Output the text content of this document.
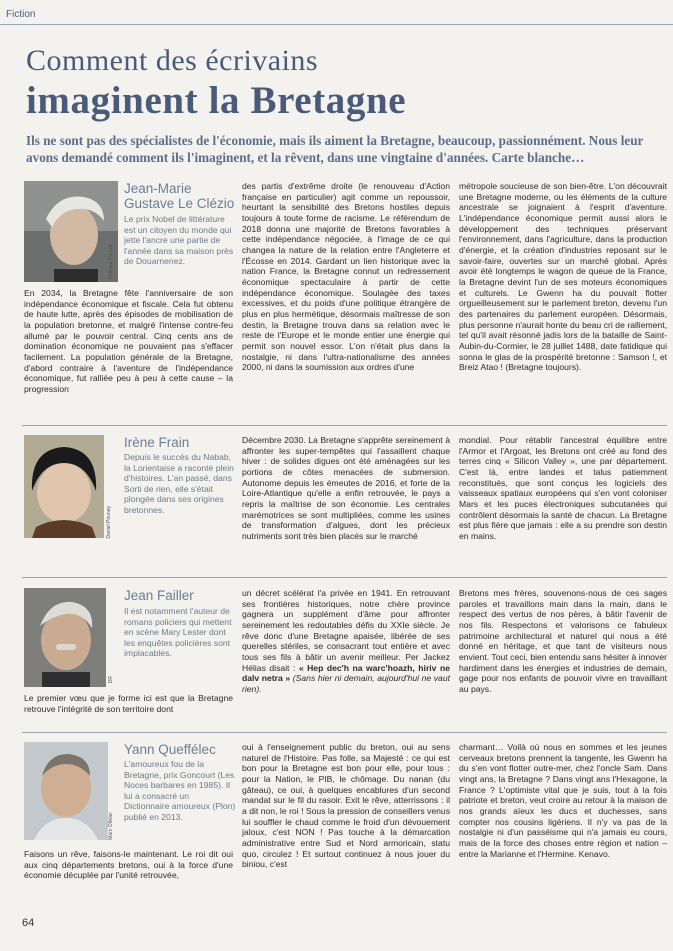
Fiction
Comment des écrivains
imaginent la Bretagne
Ils ne sont pas des spécialistes de l'économie, mais ils aiment la Bretagne, beaucoup, passionnément. Nous leur avons demandé comment ils l'imaginent, et la rêvent, dans une vingtaine d'années. Carte blanche…
Philippe Porrod
Jean-Marie Gustave Le Clézio
Le prix Nobel de littérature est un citoyen du monde qui jette l'ancre une partie de l'année dans sa maison près de Douarnenez.
En 2034, la Bretagne fête l'anniversaire de son indépendance économique et fiscale. Cela fut obtenu de haute lutte, après des épisodes de mobilisation de la population bretonne, et malgré l'intense contre-feu allumé par le pouvoir central. Cinq cents ans de domination économique ne pouvaient pas s'effacer facilement. La population générale de la Bretagne, d'abord contraire à l'aventure de l'indépendance économique, fut ralliée peu à peu à cette cause – la progression
des partis d'extrême droite (le renouveau d'Action française en particulier) agit comme un repoussoir, heurtant la sensibilité des Bretons hostiles depuis toujours à toute forme de racisme. Le référendum de 2018 donna une majorité de Bretons favorables à cette indépendance négociée, à l'image de ce qui changea la nature de la relation entre l'Angleterre et l'Écosse en 2014. Gardant un lien historique avec la nation France, la Bretagne connut un redressement économique spectaculaire à partir de cette indépendance économique. Soulagée des taxes excessives, et du poids d'une politique étrangère de plus en plus hermétique, désormais maîtresse de son destin, la Bretagne trouva dans sa relation avec le reste de l'Europe et le monde entier une énergie qui permit son nouvel essor. L'on n'était plus dans la nostalgie, ni dans l'ultra-nationalisme des années 2000, ni dans la soumission aux ordres d'une
métropole soucieuse de son bien-être. L'on découvrait une Bretagne moderne, ou les éléments de la culture ancestrale se joignaient à l'esprit d'aventure. L'indépendance économique permit aussi alors le développement des techniques préservant l'environnement, dans l'agriculture, dans la production d'énergie, et la création d'industries reposant sur le savoir-faire, ouvertes sur un marché global. Après avoir été longtemps le wagon de queue de la France, la Bretagne devint l'un de ses moteurs économiques et culturels. Le Gwenn ha du pouvait flotter orgueilleusement sur le parlement breton, devenu l'un des partenaires du parlement européen. Désormais, plus personne n'aurait honte du beau cri de ralliement, tel qu'il avait résonné jadis lors de la bataille de Saint-Aubin-du-Cormier, le 28 juillet 1488, date fatidique qui sonna le glas de la prospérité bretonne : Samson !, et Breiz Atao ! (Bretagne toujours).
Daniel Pouney
Irène Frain
Depuis le succès du Nabab, la Lorientaise a raconté plein d'histoires. L'an passé, dans Sorti de rien, elle s'était plongée dans ses origines bretonnes.
Décembre 2030. La Bretagne s'apprête sereinement à affronter les super-tempêtes qui l'assaillent chaque hiver : de solides digues ont été aménagées sur les portions de côtes menacées de submersion. Autonome depuis les émeutes de 2016, et forte de la Loire-Atlantique qu'elle a enfin retrouvée, le pays a repris la maîtrise de son économie. Les centrales marémotrices se sont multipliées, comme les usines de transformation d'algues, dont les précieux nutriments sont très bien placés sur le marché
mondial. Pour rétablir l'ancestral équilibre entre l'Armor et l'Argoat, les Bretons ont créé au fond des terres cinq « Silicon Valley », une par département. C'est là, entre landes et talus patiemment reconstitués, que sont conçus les logiciels des vaisseaux spatiaux européens qui s'en vont coloniser Mars et les puces électroniques subcutanées qui contrôlent désormais la santé de chacun. La Bretagne est plus fière que jamais : elle a su prendre son destin en mains.
DR
Jean Failler
Il est notamment l'auteur de romans policiers qui mettent en scène Mary Lester dont les enquêtes policières sont implacables.
Le premier vœu que je forme ici est que la Bretagne retrouve l'intégrité de son territoire dont
un décret scélérat l'a privée en 1941. En retrouvant ses frontières historiques, notre chère province gagnera un supplément d'âme pour affronter sereinement les redoutables défis du XXIe siècle. Je rêve donc d'une Bretagne apaisée, libérée de ses querelles stériles, se consacrant tout entière et avec tous ses fils à bâtir un avenir meilleur. Per Jackez Hélias disait : « Hep dec'h na warc'hoazh, hiriv ne dalv netra » (Sans hier ni demain, aujourd'hui ne vaut rien).
Bretons mes frères, souvenons-nous de ces sages paroles et travaillons main dans la main, dans le respect des vertus de nos pères, à bâtir l'avenir de nos fils. Respectons et valorisons ce fabuleux patrimoine architectural et naturel qui nous a été donné en héritage, et que tant de visiteurs nous envient. Tout ceci, bien entendu sans hésiter à innover hardiment dans les énergies et industries de demain, gage pour nos enfants de pouvoir vivre en travaillant au pays.
Marc Ollivier
Yann Queffélec
L'amoureux fou de la Bretagne, prix Goncourt (Les Noces barbares en 1985). Il lui a consacré un Dictionnaire amoureux (Plon) publié en 2013.
Faisons un rêve, faisons-le maintenant. Le roi dit oui aux cinq départements bretons, oui à la force d'une économie décuplée par l'unité retrouvée,
oui à l'enseignement public du breton, oui au sens naturel de l'Histoire. Pas folle, sa Majesté : ce qui est bon pour la Bretagne est bon pour elle, pour tous : pour la Nation, le PIB, le chômage. Du nanan (du gâteau), ce oui, à quelques encablures d'un second mandat sur le fil du rasoir. Exit le rêve, atterrissons : il a dit non, le roi ! Sous la pression de conseillers venus lui souffler le chaud comme le froid d'un dévouement jaloux, c'est NON ! Pas touche à la démarcation administrative entre Sud et Nord armoricain, statu quo, circulez ! Et surtout continuez à nous jouer du biniou, c'est
charmant… Voilà où nous en sommes et les jeunes cerveaux bretons prennent la tangente, les Gwenn ha du s'en vont flotter outre-mer, chez l'oncle Sam. Dans vingt ans, la Bretagne ? Dans vingt ans l'Hexagone, la France ? L'optimiste vital que je suis, tout à la fois patriote et breton, veut croire au retour à la maison de nos grands aïeux les ducs et duchesses, sans compter nos cousins ligériens. Il n'y va pas de la nostalgie ni d'un passéisme qui n'a jamais eu cours, mais de la force des choses entre région et nation – entre la Marianne et l'Hermine. Kenavo.
64
